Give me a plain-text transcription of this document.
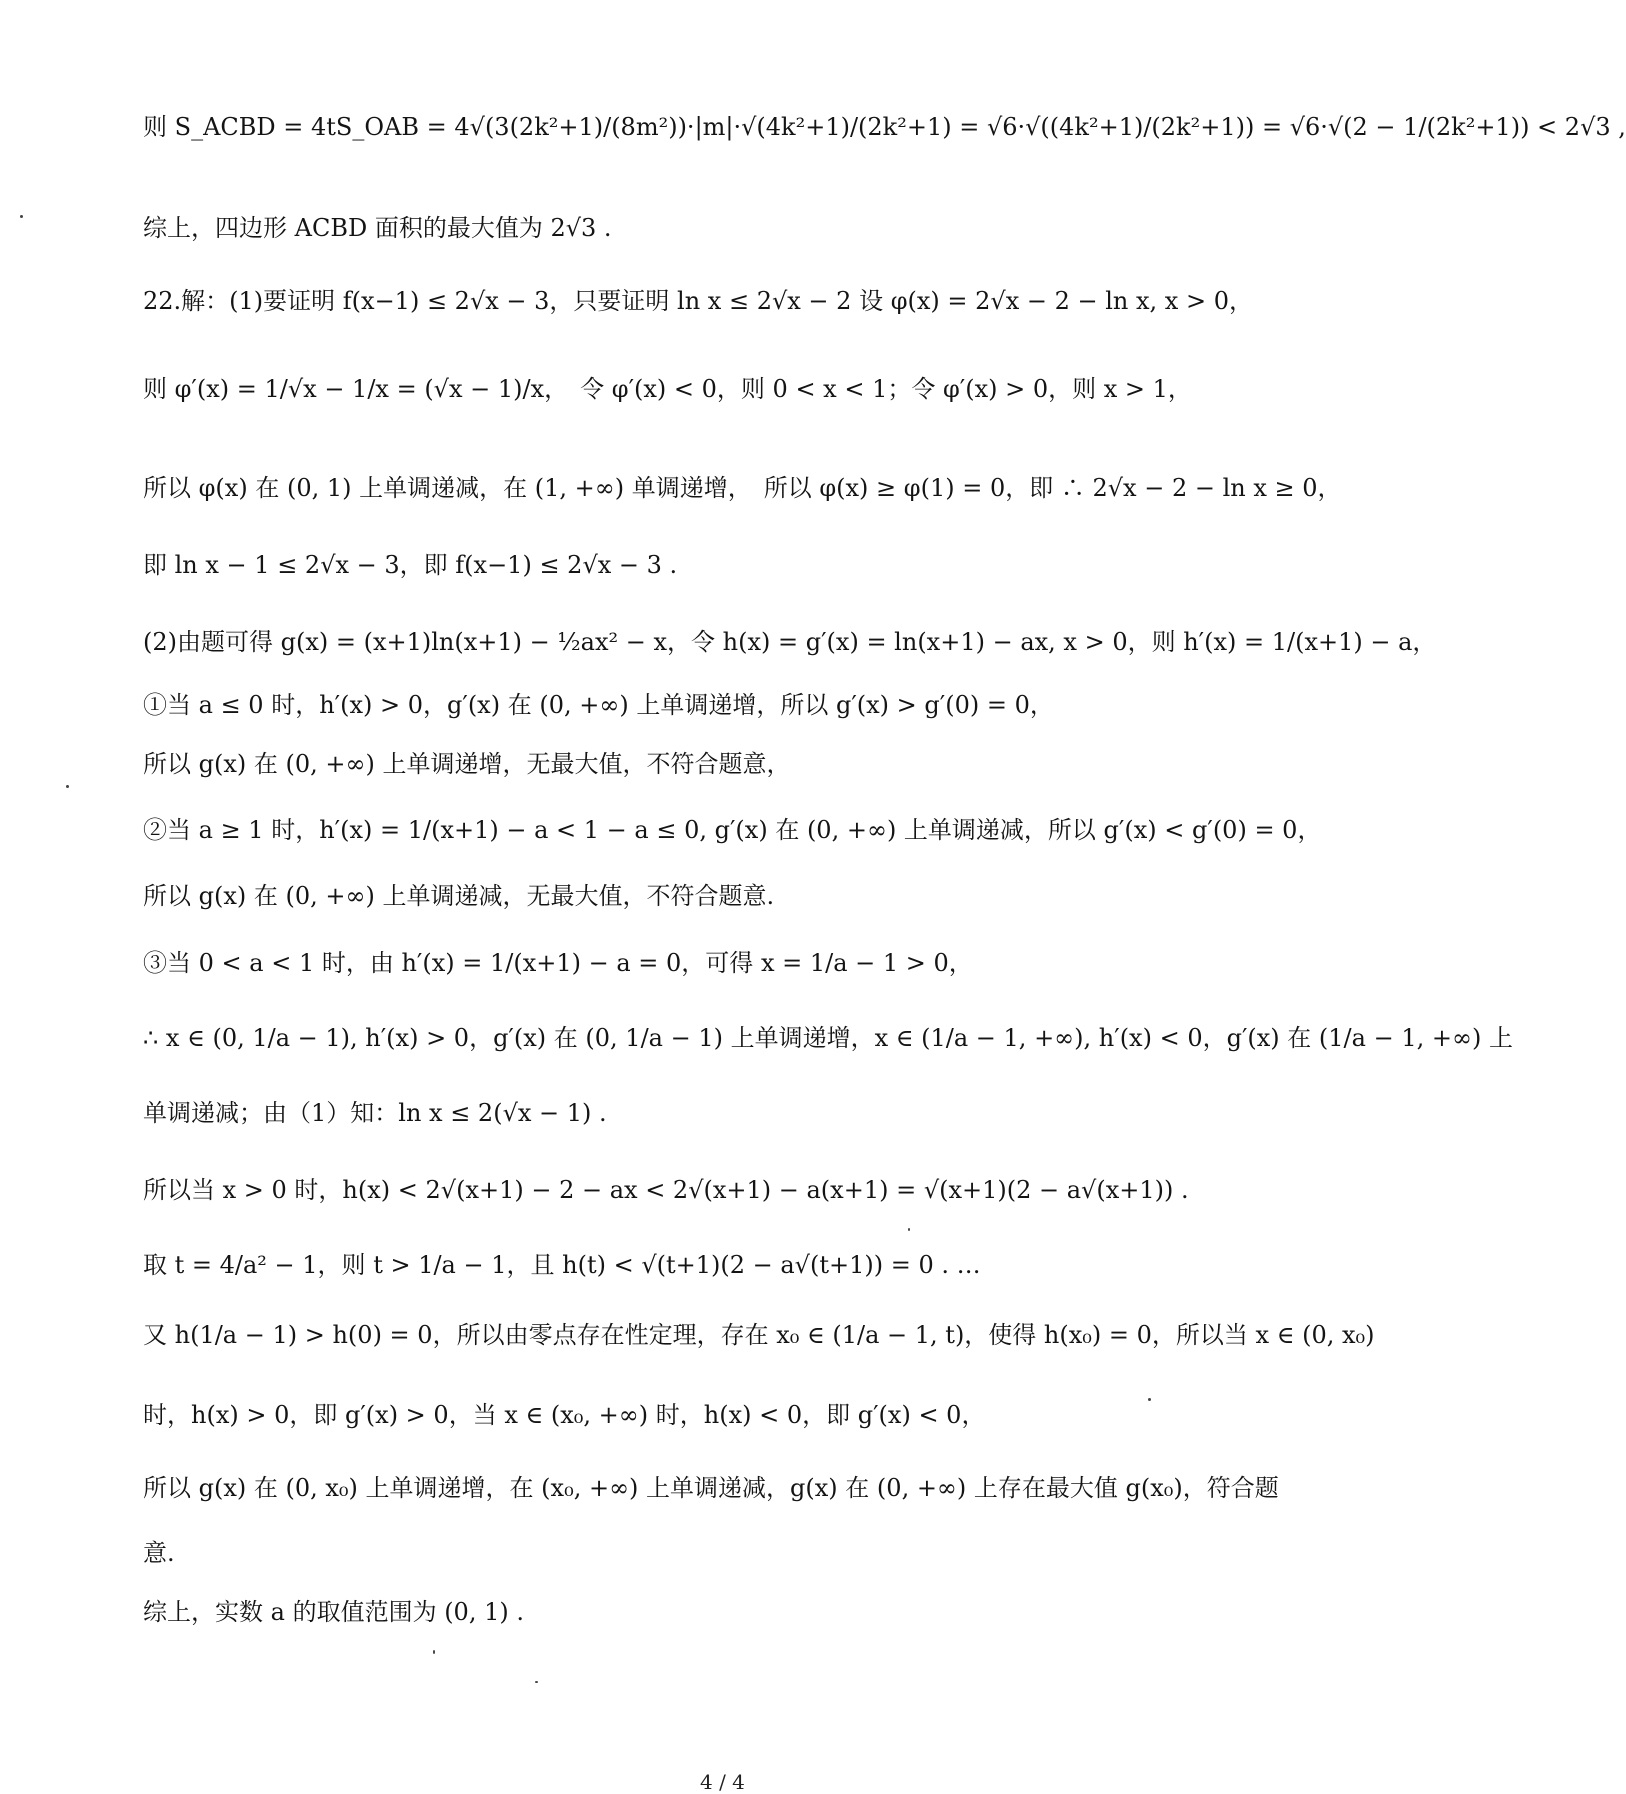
则 S_ACBD = 4tS_OAB = 4√(3(2k²+1)/(8m²))·|m|·√(4k²+1)/(2k²+1) = √6·√((4k²+1)/(2k²+1)) = √6·√(2 − 1/(2k²+1)) < 2√3 ,
综上，四边形 ACBD 面积的最大值为 2√3 .
22.解：(1)要证明 f(x−1) ≤ 2√x − 3，只要证明 ln x ≤ 2√x − 2 设 φ(x) = 2√x − 2 − ln x, x > 0，
则 φ′(x) = 1/√x − 1/x = (√x − 1)/x，　令 φ′(x) < 0，则 0 < x < 1；令 φ′(x) > 0，则 x > 1，
所以 φ(x) 在 (0, 1) 上单调递减，在 (1, +∞) 单调递增，　所以 φ(x) ≥ φ(1) = 0，即 ∴ 2√x − 2 − ln x ≥ 0，
即 ln x − 1 ≤ 2√x − 3，即 f(x−1) ≤ 2√x − 3 .
(2)由题可得 g(x) = (x+1)ln(x+1) − ½ax² − x，令 h(x) = g′(x) = ln(x+1) − ax, x > 0，则 h′(x) = 1/(x+1) − a，
①当 a ≤ 0 时，h′(x) > 0，g′(x) 在 (0, +∞) 上单调递增，所以 g′(x) > g′(0) = 0，
所以 g(x) 在 (0, +∞) 上单调递增，无最大值，不符合题意，
②当 a ≥ 1 时，h′(x) = 1/(x+1) − a < 1 − a ≤ 0, g′(x) 在 (0, +∞) 上单调递减，所以 g′(x) < g′(0) = 0，
所以 g(x) 在 (0, +∞) 上单调递减，无最大值，不符合题意.
③当 0 < a < 1 时，由 h′(x) = 1/(x+1) − a = 0，可得 x = 1/a − 1 > 0，
∴ x ∈ (0, 1/a − 1), h′(x) > 0，g′(x) 在 (0, 1/a − 1) 上单调递增，x ∈ (1/a − 1, +∞), h′(x) < 0，g′(x) 在 (1/a − 1, +∞) 上
单调递减；由（1）知：ln x ≤ 2(√x − 1) .
所以当 x > 0 时，h(x) < 2√(x+1) − 2 − ax < 2√(x+1) − a(x+1) = √(x+1)(2 − a√(x+1)) .
取 t = 4/a² − 1，则 t > 1/a − 1，且 h(t) < √(t+1)(2 − a√(t+1)) = 0 . …
又 h(1/a − 1) > h(0) = 0，所以由零点存在性定理，存在 x₀ ∈ (1/a − 1, t)，使得 h(x₀) = 0，所以当 x ∈ (0, x₀)
时，h(x) > 0，即 g′(x) > 0，当 x ∈ (x₀, +∞) 时，h(x) < 0，即 g′(x) < 0，
所以 g(x) 在 (0, x₀) 上单调递增，在 (x₀, +∞) 上单调递减，g(x) 在 (0, +∞) 上存在最大值 g(x₀)，符合题
意.
综上，实数 a 的取值范围为 (0, 1) .
4 / 4
